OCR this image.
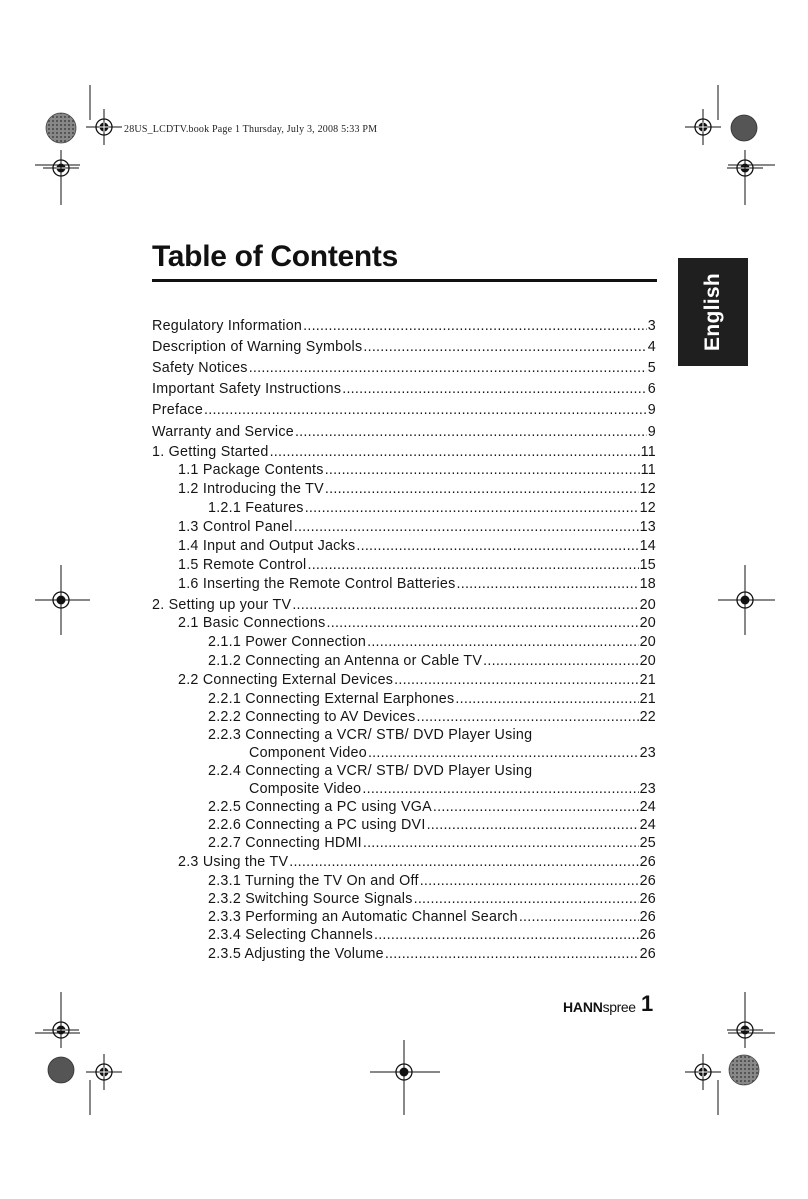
28US_LCDTV.book Page 1 Thursday, July 3, 2008 5:33 PM
Table of Contents
English
Regulatory Information .....	3
Description of Warning Symbols .....	4
Safety Notices .....	5
Important Safety Instructions .....	6
Preface .....	9
Warranty and Service .....	9
1. Getting Started .....	11
1.1 Package Contents .....	11
1.2 Introducing the TV .....	12
1.2.1 Features .....	12
1.3 Control Panel .....	13
1.4 Input and Output Jacks .....	14
1.5 Remote Control .....	15
1.6 Inserting the Remote Control Batteries .....	18
2. Setting up your TV .....	20
2.1 Basic Connections .....	20
2.1.1 Power Connection .....	20
2.1.2 Connecting an Antenna or Cable TV .....	20
2.2 Connecting External Devices .....	21
2.2.1 Connecting External Earphones .....	21
2.2.2 Connecting to AV Devices .....	22
2.2.3 Connecting a VCR/ STB/ DVD Player Using
Component Video .....	23
2.2.4 Connecting a VCR/ STB/ DVD Player Using
Composite Video .....	23
2.2.5 Connecting a PC using VGA .....	24
2.2.6 Connecting a PC using DVI .....	24
2.2.7 Connecting HDMI .....	25
2.3 Using the TV .....	26
2.3.1 Turning the TV On and Off .....	26
2.3.2 Switching Source Signals .....	26
2.3.3 Performing an Automatic Channel Search .....	26
2.3.4 Selecting Channels .....	26
2.3.5 Adjusting the Volume .....	26
HANNspree 1
